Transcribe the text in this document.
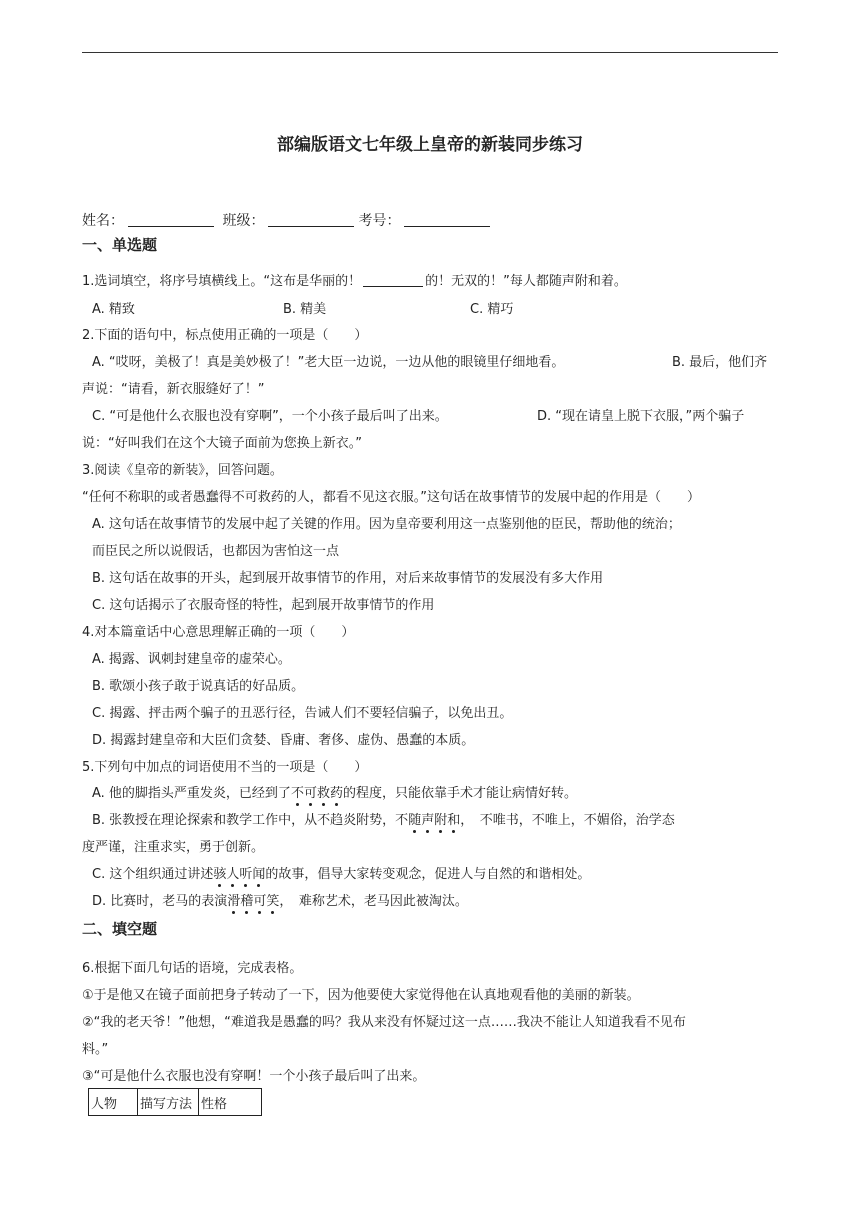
部编版语文七年级上皇帝的新装同步练习
姓名：	班级：	考号：
一、单选题
1.选词填空，将序号填横线上。“这布是华丽的！	的！无双的！”每人都随声附和着。
A. 精致	B. 精美	C. 精巧
2.下面的语句中，标点使用正确的一项是（　　）
A. “哎呀，美极了！真是美妙极了！”老大臣一边说，一边从他的眼镜里仔细地看。	B. 最后，他们齐
声说：“请看，新衣服缝好了！”
C. “可是他什么衣服也没有穿啊”，一个小孩子最后叫了出来。	D. “现在请皇上脱下衣服，”两个骗子
说：“好叫我们在这个大镜子面前为您换上新衣。”
3.阅读《皇帝的新装》，回答问题。
“任何不称职的或者愚蠢得不可救药的人，都看不见这衣服。”这句话在故事情节的发展中起的作用是（　　）
A. 这句话在故事情节的发展中起了关键的作用。因为皇帝要利用这一点鉴别他的臣民，帮助他的统治；
而臣民之所以说假话，也都因为害怕这一点
B. 这句话在故事的开头，起到展开故事情节的作用，对后来故事情节的发展没有多大作用
C. 这句话揭示了衣服奇怪的特性，起到展开故事情节的作用
4.对本篇童话中心意思理解正确的一项（　　）
A. 揭露、讽刺封建皇帝的虚荣心。
B. 歌颂小孩子敢于说真话的好品质。
C. 揭露、抨击两个骗子的丑恶行径，告诫人们不要轻信骗子，以免出丑。
D. 揭露封建皇帝和大臣们贪婪、昏庸、奢侈、虚伪、愚蠢的本质。
5.下列句中加点的词语使用不当的一项是（　　）
A. 他的脚指头严重发炎，已经到了不可救药的程度，只能依靠手术才能让病情好转。
B. 张教授在理论探索和教学工作中，从不趋炎附势，不随声附和，　不唯书，不唯上，不媚俗，治学态
度严谨，注重求实，勇于创新。
C. 这个组织通过讲述骇人听闻的故事，倡导大家转变观念，促进人与自然的和谐相处。
D. 比赛时，老马的表演滑稽可笑，　难称艺术，老马因此被淘汰。
二、填空题
6.根据下面几句话的语境，完成表格。
①于是他又在镜子面前把身子转动了一下，因为他要使大家觉得他在认真地观看他的美丽的新装。
②“我的老天爷！”他想，“难道我是愚蠢的吗？我从来没有怀疑过这一点……我决不能让人知道我看不见布
料。”
③“可是他什么衣服也没有穿啊！一个小孩子最后叫了出来。
人物	描写方法	性格
